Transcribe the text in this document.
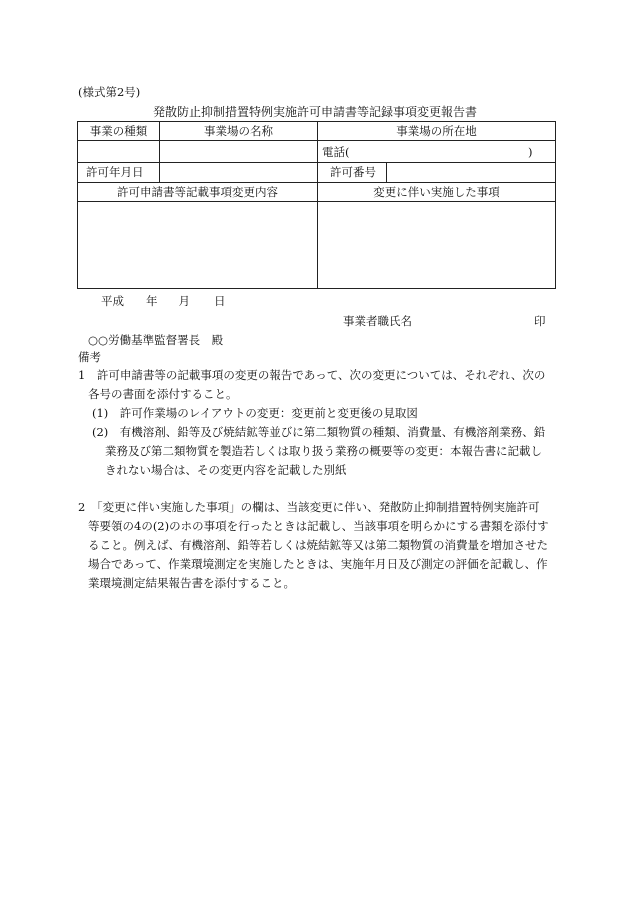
(様式第2号)
発散防止抑制措置特例実施許可申請書等記録事項変更報告書
事業の種類	事業場の名称	事業場の所在地
電話(	)
許可年月日	許可番号
許可申請書等記載事項変更内容	変更に伴い実施した事項
平成 年 月 日
事業者職氏名	印
○○労働基準監督署長　殿
備考
1　許可申請書等の記載事項の変更の報告であって、次の変更については、それぞれ、次の
各号の書面を添付すること。
(1)　許可作業場のレイアウトの変更：変更前と変更後の見取図
(2)　有機溶剤、鉛等及び焼結鉱等並びに第二類物質の種類、消費量、有機溶剤業務、鉛
業務及び第二類物質を製造若しくは取り扱う業務の概要等の変更：本報告書に記載し
きれない場合は、その変更内容を記載した別紙
2　「変更に伴い実施した事項」の欄は、当該変更に伴い、発散防止抑制措置特例実施許可
等要領の4の(2)のホの事項を行ったときは記載し、当該事項を明らかにする書類を添付す
ること。例えば、有機溶剤、鉛等若しくは焼結鉱等又は第二類物質の消費量を増加させた
場合であって、作業環境測定を実施したときは、実施年月日及び測定の評価を記載し、作
業環境測定結果報告書を添付すること。
